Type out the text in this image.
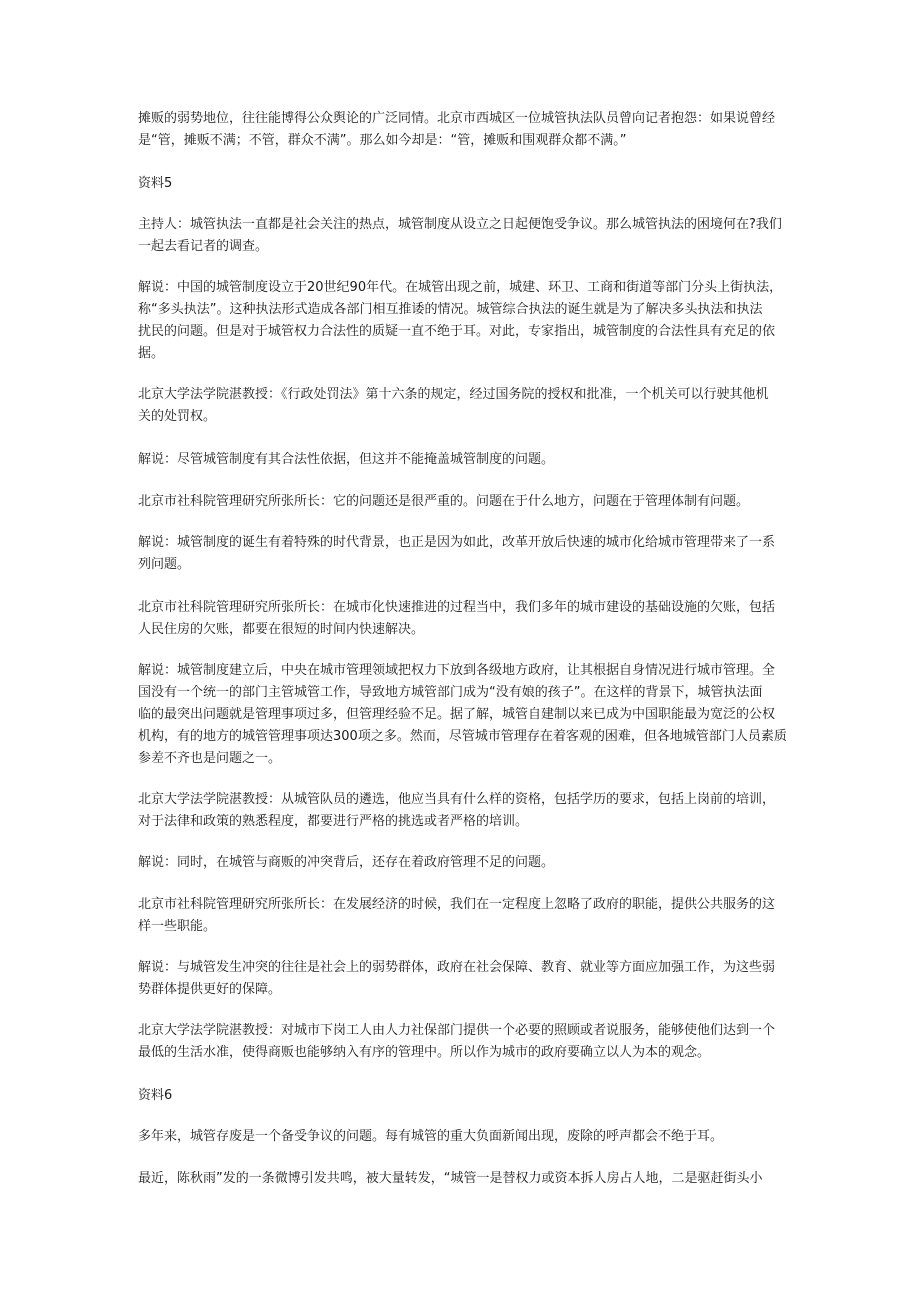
摊贩的弱势地位，往往能博得公众舆论的广泛同情。北京市西城区一位城管执法队员曾向记者抱怨：如果说曾经
是“管，摊贩不满；不管，群众不满”。那么如今却是：“管，摊贩和围观群众都不满。”
资料5
主持人：城管执法一直都是社会关注的热点，城管制度从设立之日起便饱受争议。那么城管执法的困境何在?我们
一起去看记者的调查。
解说：中国的城管制度设立于20世纪90年代。在城管出现之前，城建、环卫、工商和街道等部门分头上街执法，
称“多头执法”。这种执法形式造成各部门相互推诿的情况。城管综合执法的诞生就是为了解决多头执法和执法
扰民的问题。但是对于城管权力合法性的质疑一直不绝于耳。对此，专家指出，城管制度的合法性具有充足的依
据。
北京大学法学院湛教授：《行政处罚法》第十六条的规定，经过国务院的授权和批准，一个机关可以行驶其他机
关的处罚权。
解说：尽管城管制度有其合法性依据，但这并不能掩盖城管制度的问题。
北京市社科院管理研究所张所长：它的问题还是很严重的。问题在于什么地方，问题在于管理体制有问题。
解说：城管制度的诞生有着特殊的时代背景，也正是因为如此，改革开放后快速的城市化给城市管理带来了一系
列问题。
北京市社科院管理研究所张所长：在城市化快速推进的过程当中，我们多年的城市建设的基础设施的欠账，包括
人民住房的欠账，都要在很短的时间内快速解决。
解说：城管制度建立后，中央在城市管理领域把权力下放到各级地方政府，让其根据自身情况进行城市管理。全
国没有一个统一的部门主管城管工作，导致地方城管部门成为“没有娘的孩子”。在这样的背景下，城管执法面
临的最突出问题就是管理事项过多，但管理经验不足。据了解，城管自建制以来已成为中国职能最为宽泛的公权
机构，有的地方的城管管理事项达300项之多。然而，尽管城市管理存在着客观的困难，但各地城管部门人员素质
参差不齐也是问题之一。
北京大学法学院湛教授：从城管队员的遴选，他应当具有什么样的资格，包括学历的要求，包括上岗前的培训，
对于法律和政策的熟悉程度，都要进行严格的挑选或者严格的培训。
解说：同时，在城管与商贩的冲突背后，还存在着政府管理不足的问题。
北京市社科院管理研究所张所长：在发展经济的时候，我们在一定程度上忽略了政府的职能，提供公共服务的这
样一些职能。
解说：与城管发生冲突的往往是社会上的弱势群体，政府在社会保障、教育、就业等方面应加强工作，为这些弱
势群体提供更好的保障。
北京大学法学院湛教授：对城市下岗工人由人力社保部门提供一个必要的照顾或者说服务，能够使他们达到一个
最低的生活水准，使得商贩也能够纳入有序的管理中。所以作为城市的政府要确立以人为本的观念。
资料6
多年来，城管存废是一个备受争议的问题。每有城管的重大负面新闻出现，废除的呼声都会不绝于耳。
最近，陈秋雨”发的一条微博引发共鸣，被大量转发，“城管一是替权力或资本拆人房占人地，二是驱赶街头小
